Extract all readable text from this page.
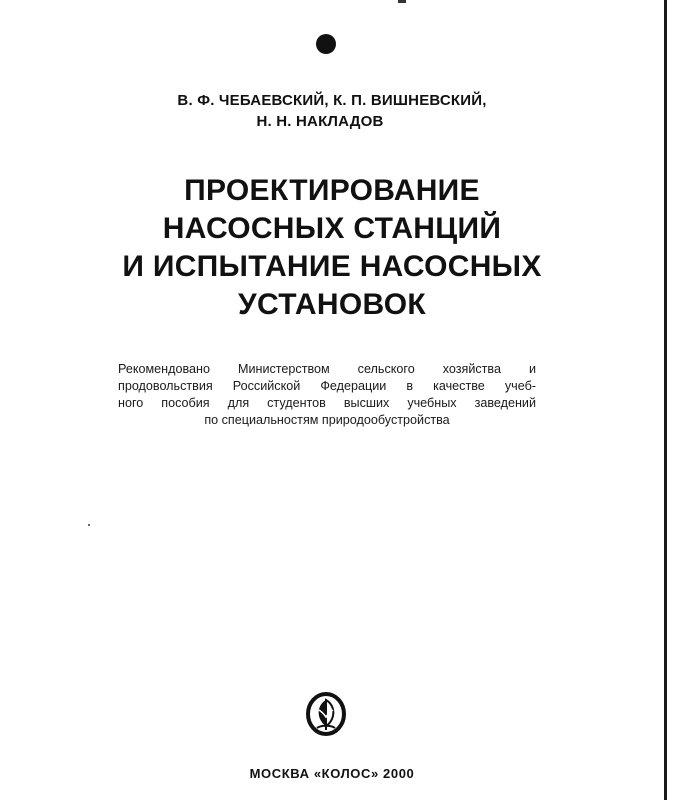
В. Ф. ЧЕБАЕВСКИЙ, К. П. ВИШНЕВСКИЙ,
Н. Н. НАКЛАДОВ
ПРОЕКТИРОВАНИЕ
НАСОСНЫХ СТАНЦИЙ
И ИСПЫТАНИЕ НАСОСНЫХ
УСТАНОВОК
Рекомендовано Министерством сельского хозяйства и
продовольствия Российской Федерации в качестве учеб-
ного пособия для студентов высших учебных заведений
по специальностям природообустройства
МОСКВА «КОЛОС» 2000
